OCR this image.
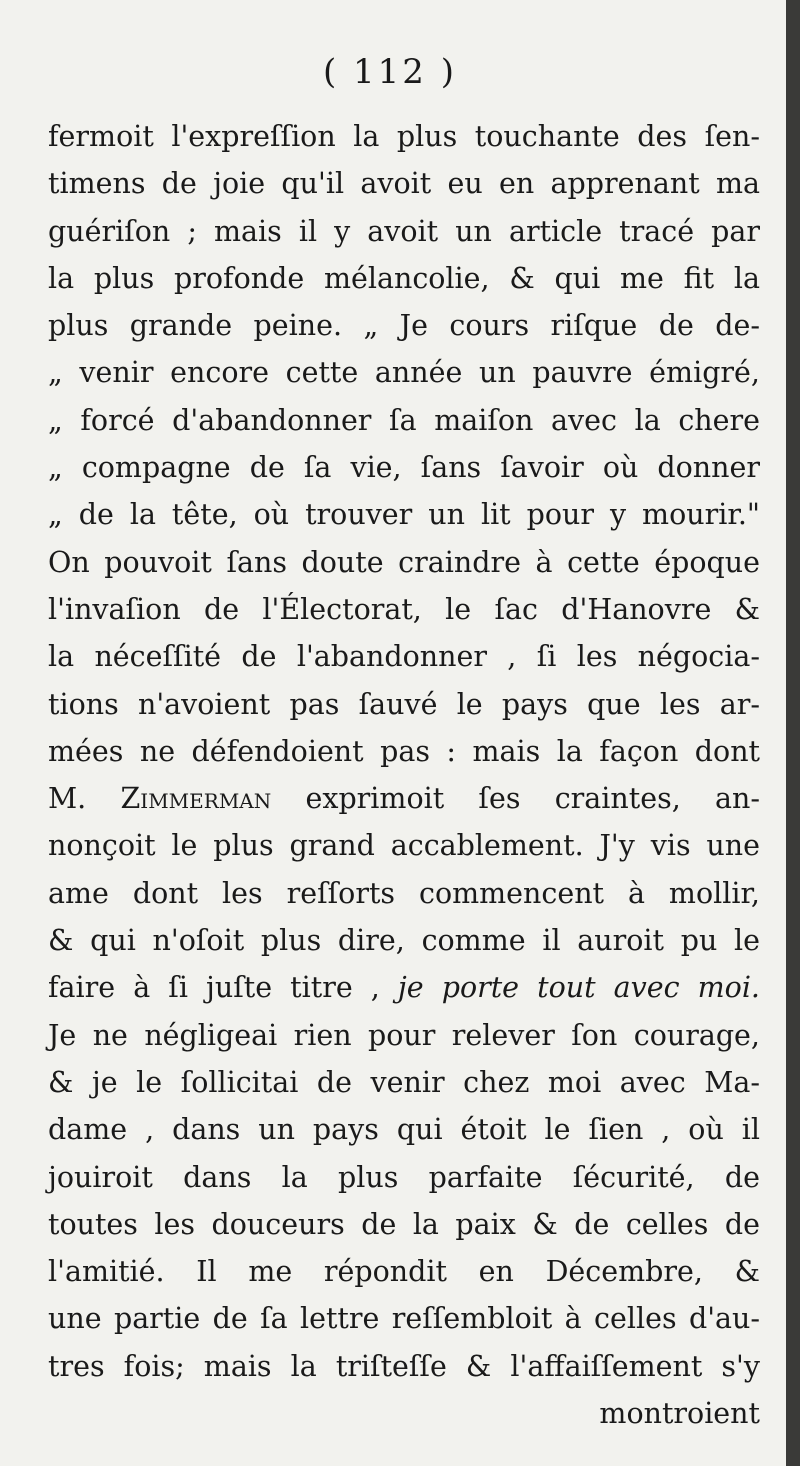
( 112 )
fermoit l'expreſſion la plus touchante des ſen-
timens de joie qu'il avoit eu en apprenant ma
guériſon ; mais il y avoit un article tracé par
la plus profonde mélancolie, & qui me fit la
plus grande peine. „ Je cours riſque de de-
„ venir encore cette année un pauvre émigré,
„ forcé d'abandonner ſa maiſon avec la chere
„ compagne de ſa vie, ſans ſavoir où donner
„ de la tête, où trouver un lit pour y mourir."
On pouvoit ſans doute craindre à cette époque
l'invaſion de l'Électorat, le ſac d'Hanovre &
la néceſſité de l'abandonner , ſi les négocia-
tions n'avoient pas ſauvé le pays que les ar-
mées ne défendoient pas : mais la façon dont
M. Zimmerman exprimoit ſes craintes, an-
nonçoit le plus grand accablement. J'y vis une
ame dont les reſſorts commencent à mollir,
& qui n'oſoit plus dire, comme il auroit pu le
faire à ſi juſte titre , je porte tout avec moi.
Je ne négligeai rien pour relever ſon courage,
& je le ſollicitai de venir chez moi avec Ma-
dame , dans un pays qui étoit le ſien , où il
jouiroit dans la plus parfaite ſécurité, de
toutes les douceurs de la paix & de celles de
l'amitié. Il me répondit en Décembre, &
une partie de ſa lettre reſſembloit à celles d'au-
tres fois; mais la triſteſſe & l'affaiſſement s'y
montroient
